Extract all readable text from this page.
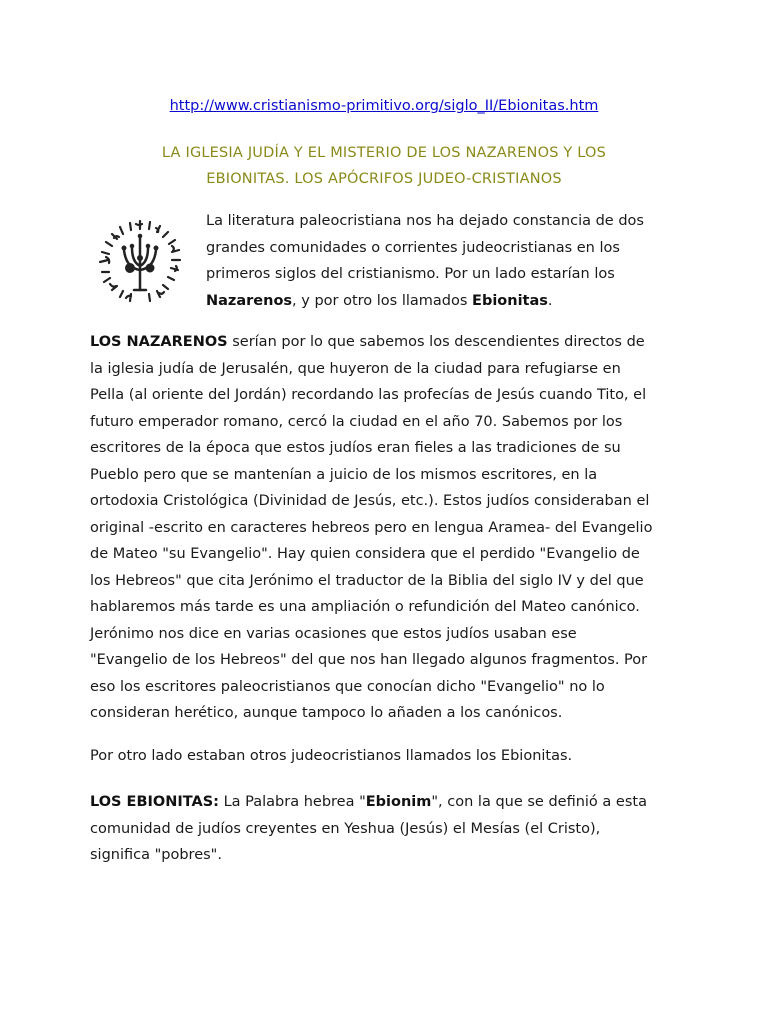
http://www.cristianismo-primitivo.org/siglo_II/Ebionitas.htm
LA IGLESIA JUDÍA Y EL MISTERIO DE LOS NAZARENOS Y LOS
EBIONITAS. LOS APÓCRIFOS JUDEO-CRISTIANOS
La literatura paleocristiana nos ha dejado constancia de dos
grandes comunidades o corrientes judeocristianas en los
primeros siglos del cristianismo. Por un lado estarían los
Nazarenos, y por otro los llamados Ebionitas.
LOS NAZARENOS serían por lo que sabemos los descendientes directos de
la iglesia judía de Jerusalén, que huyeron de la ciudad para refugiarse en
Pella (al oriente del Jordán) recordando las profecías de Jesús cuando Tito, el
futuro emperador romano, cercó la ciudad en el año 70. Sabemos por los
escritores de la época que estos judíos eran fieles a las tradiciones de su
Pueblo pero que se mantenían a juicio de los mismos escritores, en la
ortodoxia Cristológica (Divinidad de Jesús, etc.). Estos judíos consideraban el
original -escrito en caracteres hebreos pero en lengua Aramea- del Evangelio
de Mateo "su Evangelio". Hay quien considera que el perdido "Evangelio de
los Hebreos" que cita Jerónimo el traductor de la Biblia del siglo IV y del que
hablaremos más tarde es una ampliación o refundición del Mateo canónico.
Jerónimo nos dice en varias ocasiones que estos judíos usaban ese
"Evangelio de los Hebreos" del que nos han llegado algunos fragmentos. Por
eso los escritores paleocristianos que conocían dicho "Evangelio" no lo
consideran herético, aunque tampoco lo añaden a los canónicos.
Por otro lado estaban otros judeocristianos llamados los Ebionitas.
LOS EBIONITAS: La Palabra hebrea "Ebionim", con la que se definió a esta
comunidad de judíos creyentes en Yeshua (Jesús) el Mesías (el Cristo),
significa "pobres".
